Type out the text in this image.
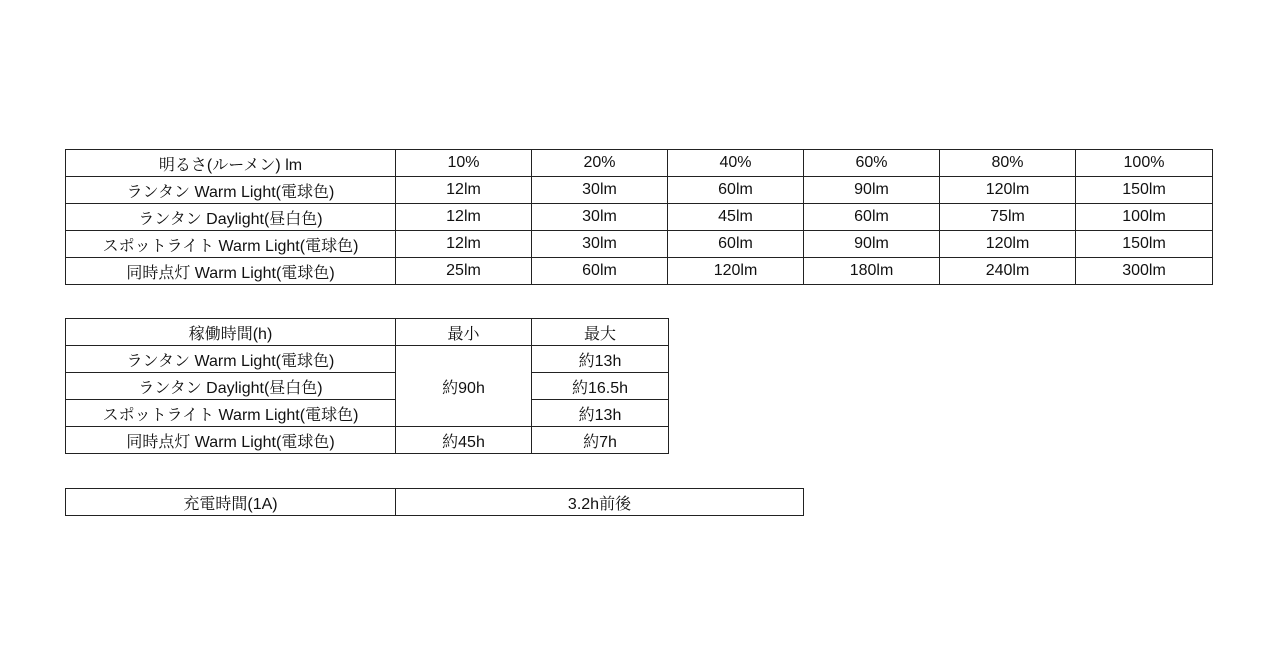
明るさ(ルーメン) lm	10%	20%	40%	60%	80%	100%
ランタン Warm Light(電球色)	12lm	30lm	60lm	90lm	120lm	150lm
ランタン Daylight(昼白色)	12lm	30lm	45lm	60lm	75lm	100lm
スポットライト Warm Light(電球色)	12lm	30lm	60lm	90lm	120lm	150lm
同時点灯 Warm Light(電球色)	25lm	60lm	120lm	180lm	240lm	300lm
稼働時間(h)	最小	最大
ランタン Warm Light(電球色)	約90h	約13h
ランタン Daylight(昼白色)		約16.5h
スポットライト Warm Light(電球色)		約13h
同時点灯 Warm Light(電球色)	約45h	約7h
充電時間(1A)	3.2h前後
